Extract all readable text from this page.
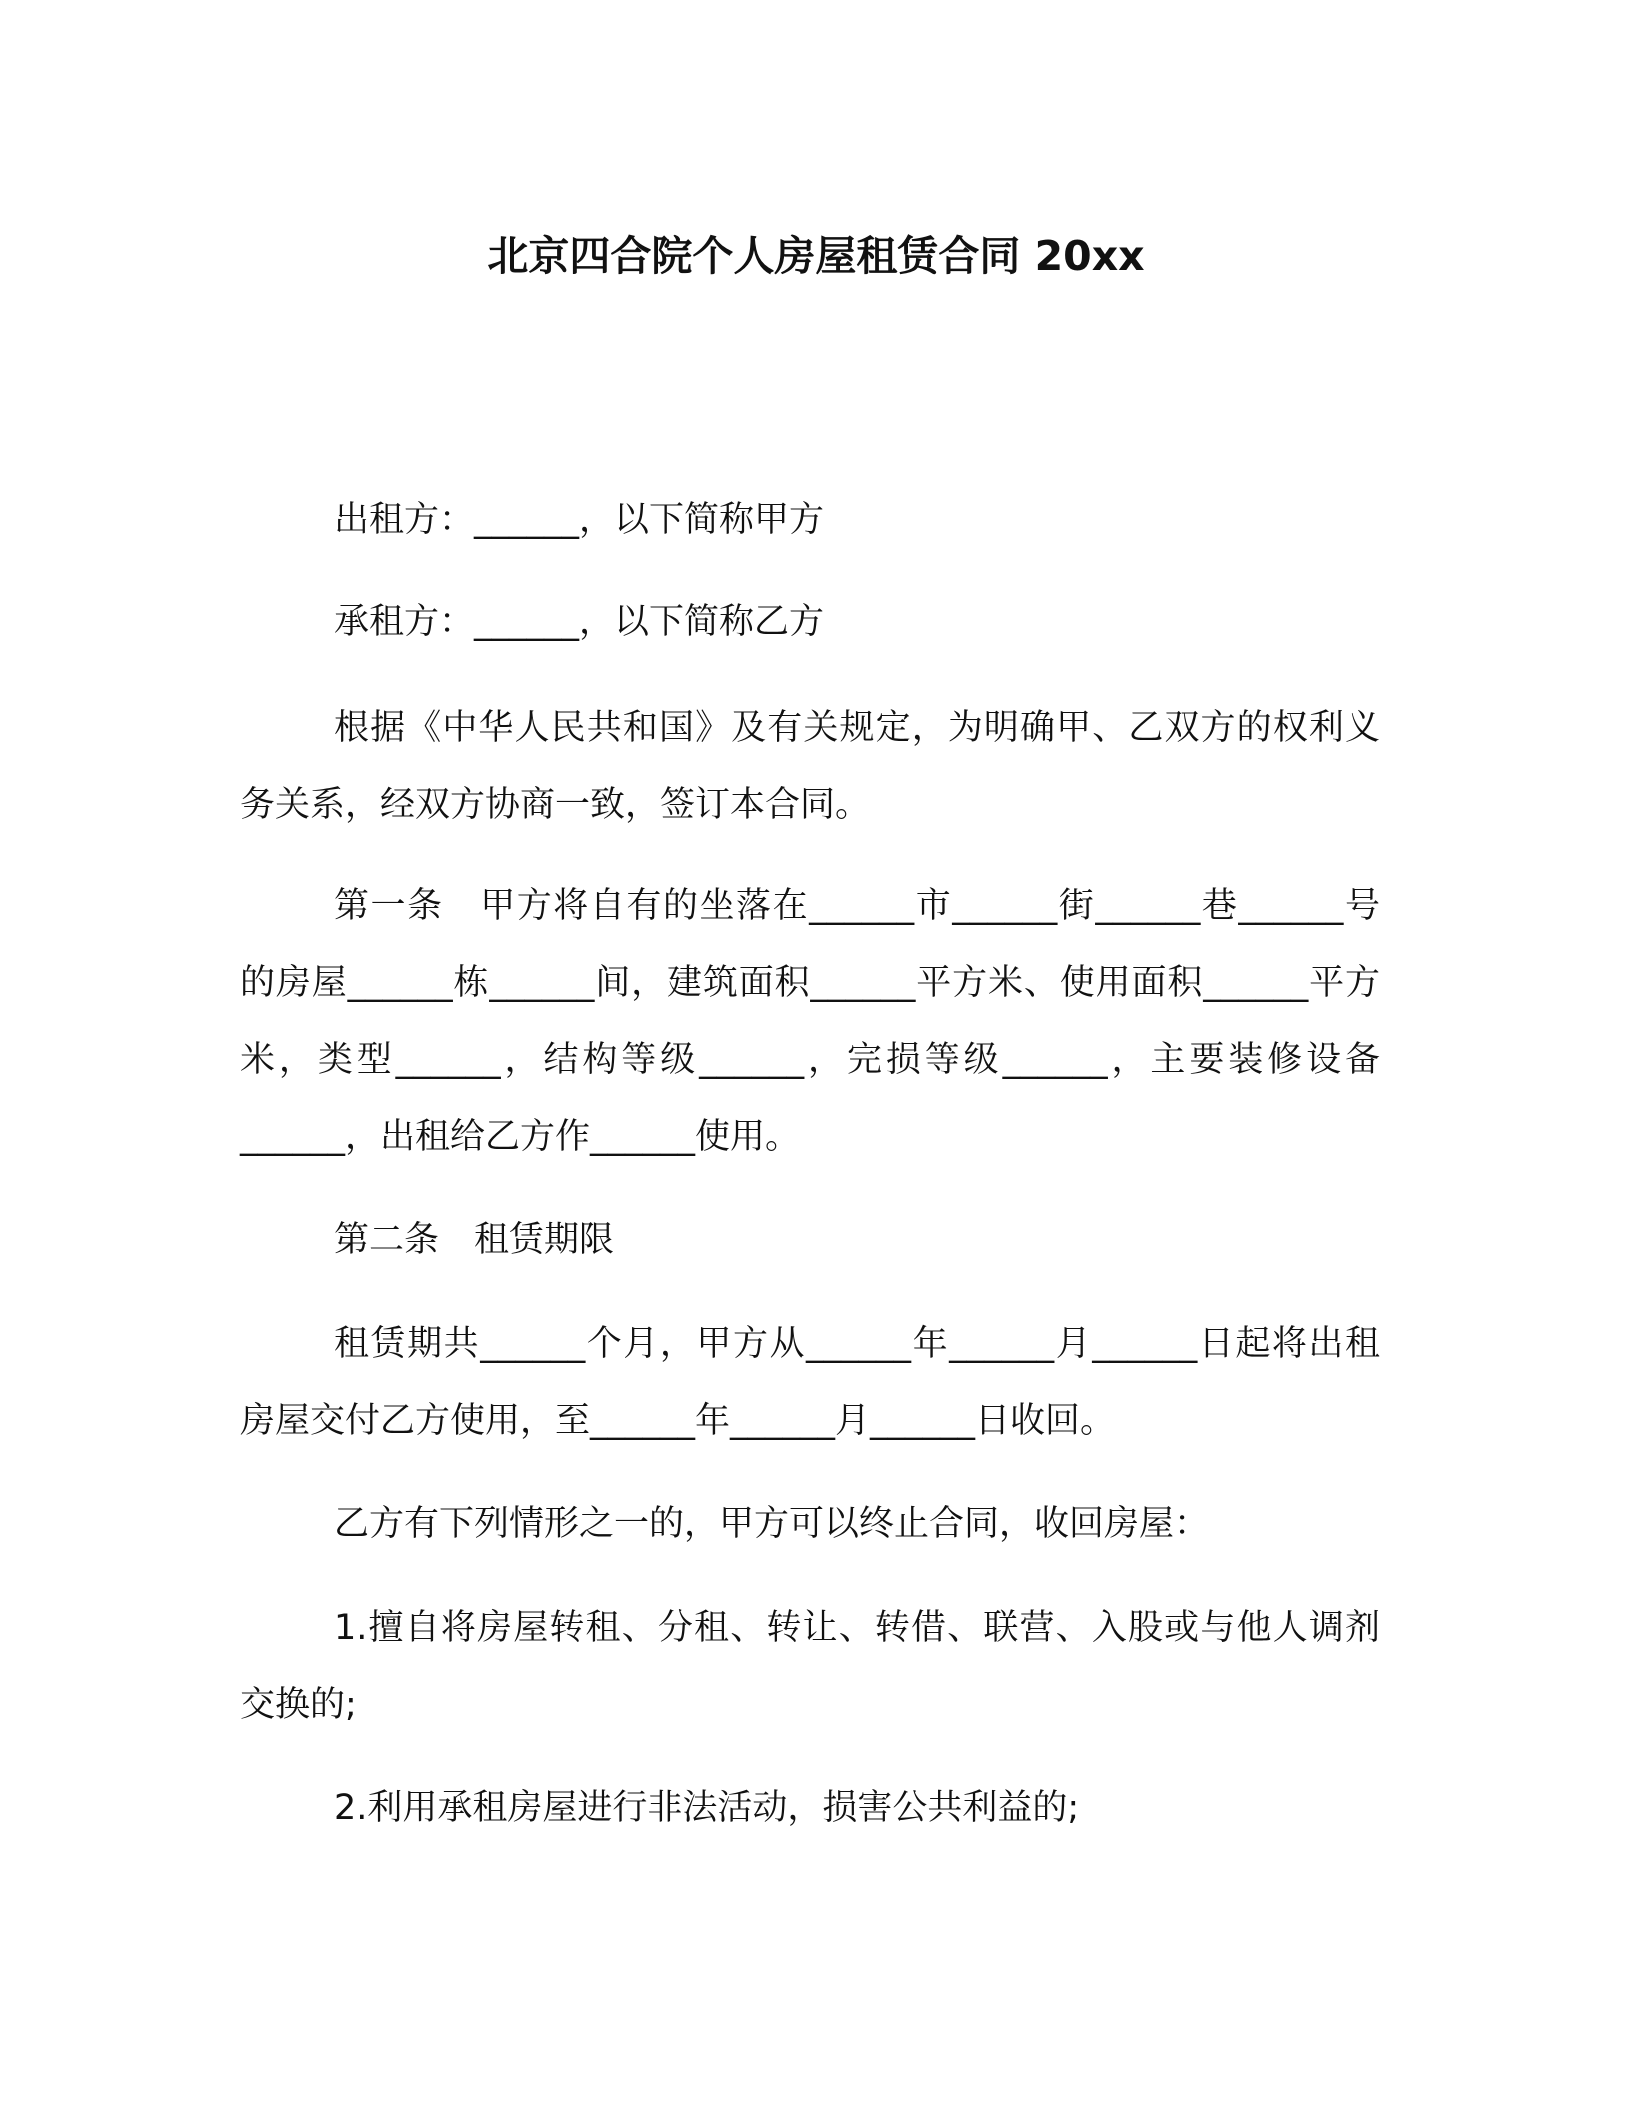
北京四合院个人房屋租赁合同 20xx

出租方：______，以下简称甲方

承租方：______，以下简称乙方

根据《中华人民共和国》及有关规定，为明确甲、乙双方的权利义务关系，经双方协商一致，签订本合同。

第一条　甲方将自有的坐落在______市______街______巷______号的房屋______栋______间，建筑面积______平方米、使用面积______平方米，类型______，结构等级______，完损等级______，主要装修设备______，出租给乙方作______使用。

第二条　租赁期限

租赁期共______个月，甲方从______年______月______日起将出租房屋交付乙方使用，至______年______月______日收回。

乙方有下列情形之一的，甲方可以终止合同，收回房屋：

1.擅自将房屋转租、分租、转让、转借、联营、入股或与他人调剂交换的;

2.利用承租房屋进行非法活动，损害公共利益的;
